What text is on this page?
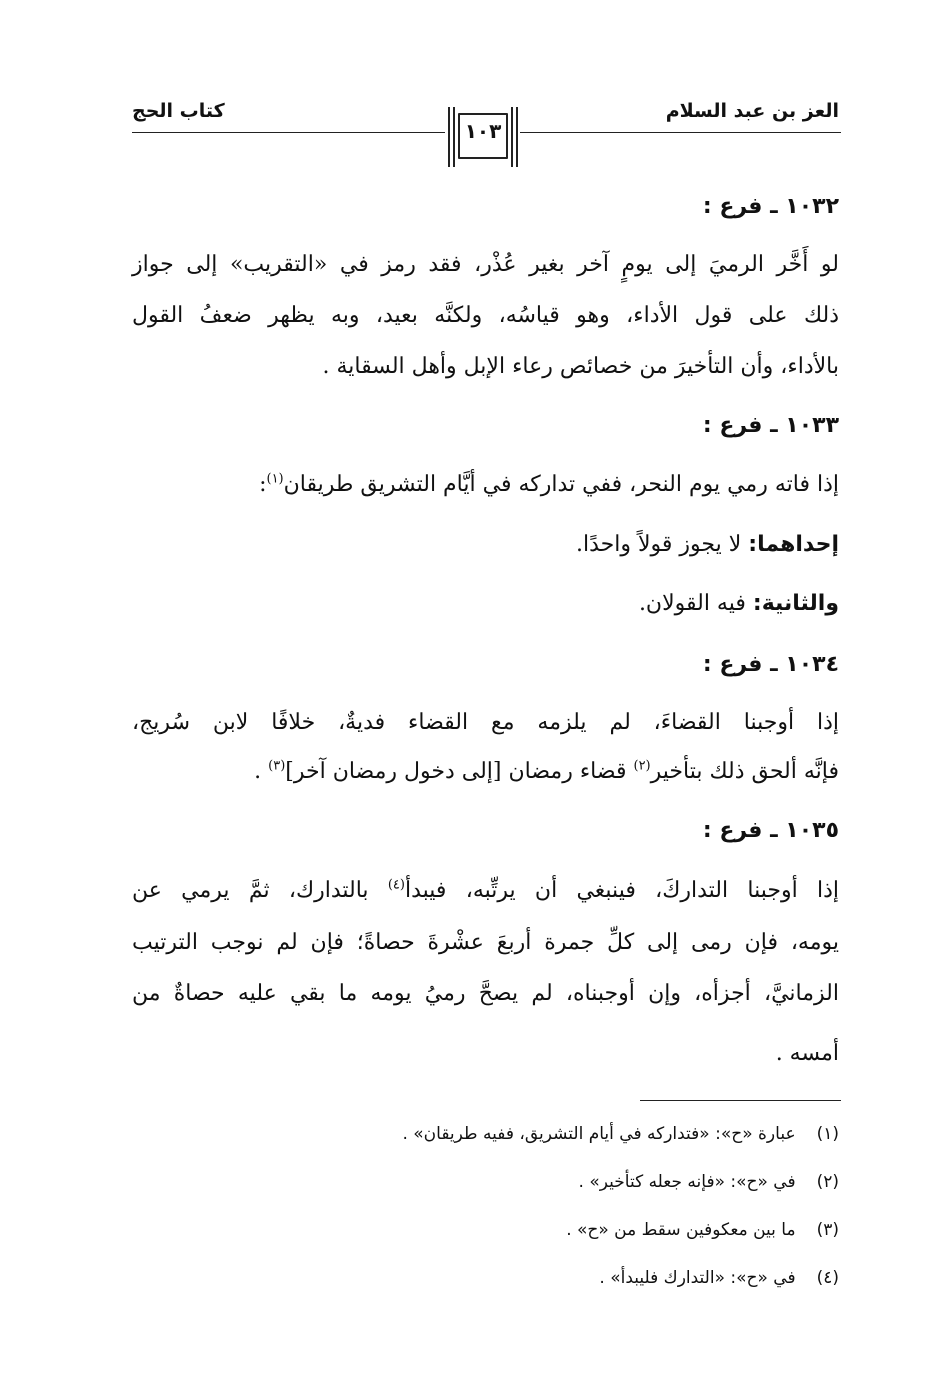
العز بن عبد السلام
كتاب الحج
١٠٣
١٠٣٢ ـ فرع :
لو أَخَّر الرميَ إلى يومٍ آخر بغير عُذْر، فقد رمز في «التقريب» إلى جواز
ذلك على قول الأداء، وهو قياسُه، ولكنَّه بعيد، وبه يظهر ضعفُ القول
بالأداء، وأن التأخيرَ من خصائص رعاء الإبل وأهل السقاية .
١٠٣٣ ـ فرع :
إذا فاته رمي يوم النحر، ففي تداركه في أيَّام التشريق طريقان$^{(١)}$:
إحداهما: لا يجوز قولاً واحدًا.
والثانية: فيه القولان.
١٠٣٤ ـ فرع :
إذا أوجبنا القضاءَ، لم يلزمه مع القضاء فديةٌ، خلافًا لابن سُريج،
فإنَّه ألحق ذلك بتأخير$^{(٢)}$ قضاء رمضان [إلى دخول رمضان آخر]$^{(٣)}$ .
١٠٣٥ ـ فرع :
إذا أوجبنا التداركَ، فينبغي أن يرتِّبه، فيبدأ$^{(٤)}$ بالتدارك، ثمَّ يرمي عن
يومه، فإن رمى إلى كلِّ جمرة أربعَ عشْرةَ حصاةً؛ فإن لم نوجب الترتيب
الزمانيَّ، أجزأه، وإن أوجبناه، لم يصحَّ رميُ يومه ما بقي عليه حصاةٌ من
أمسه .
(١) عبارة «ح»: «فتداركه في أيام التشريق، ففيه طريقان» .
(٢) في «ح»: «فإنه جعله كتأخير» .
(٣) ما بين معكوفين سقط من «ح» .
(٤) في «ح»: «التدارك فليبدأ» .
